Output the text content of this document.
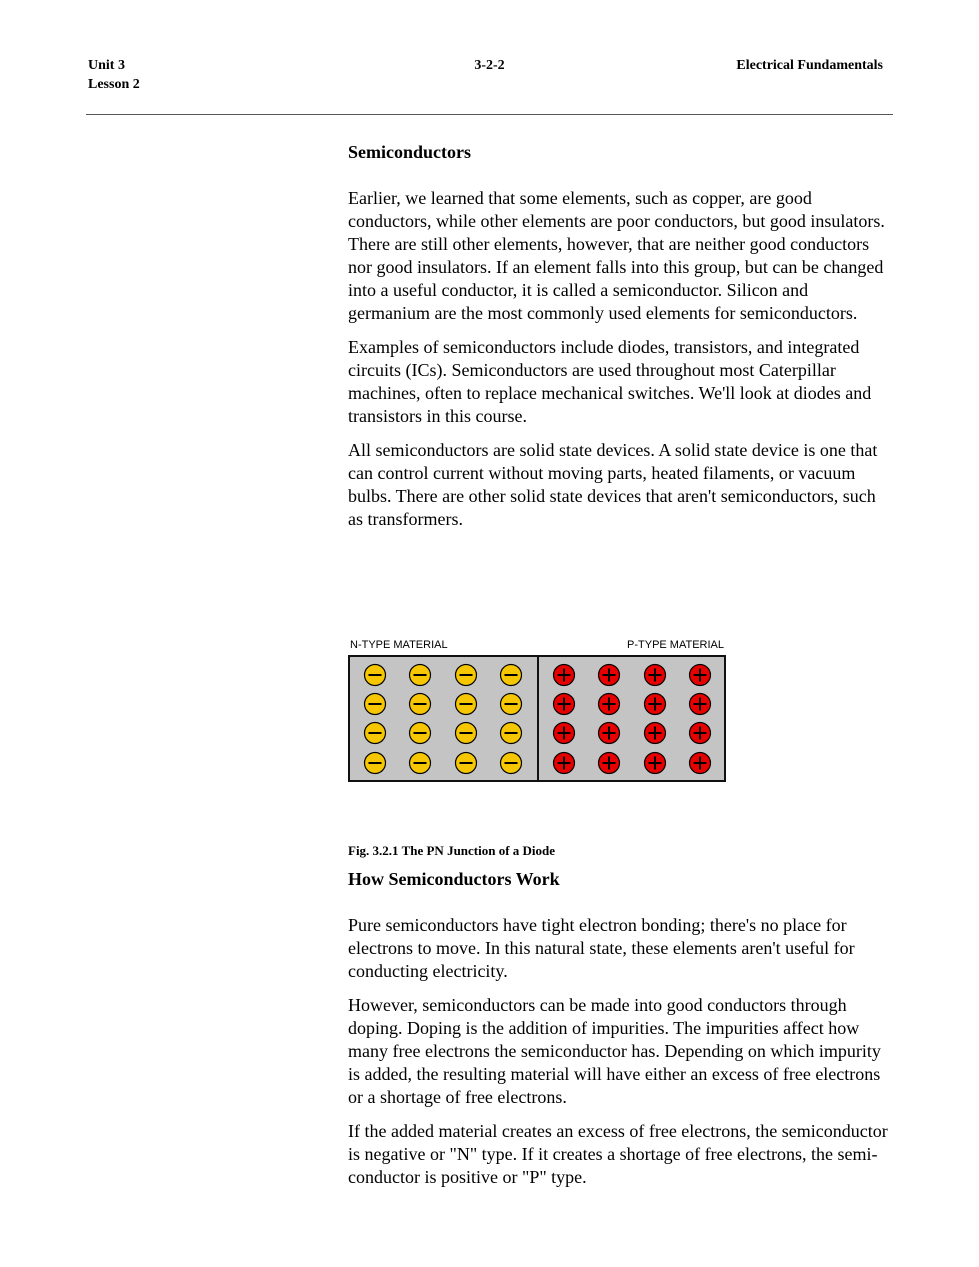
Unit 3
Lesson 2
3-2-2	Electrical Fundamentals
Semiconductors

Earlier, we learned that some elements, such as copper, are good conductors, while other elements are poor conductors, but good insulators. There are still other elements, however, that are neither good conductors nor good insulators. If an element falls into this group, but can be changed into a useful conductor, it is called a semiconductor. Silicon and germanium are the most commonly used elements for semiconductors.

Examples of semiconductors include diodes, transistors, and integrated circuits (ICs). Semiconductors are used throughout most Caterpillar machines, often to replace mechanical switches. We'll look at diodes and transistors in this course.

All semiconductors are solid state devices. A solid state device is one that can control current without moving parts, heated filaments, or vacuum bulbs. There are other solid state devices that aren't semiconductors, such as transformers.

N-TYPE MATERIAL	P-TYPE MATERIAL

Fig. 3.2.1 The PN Junction of a Diode

How Semiconductors Work

Pure semiconductors have tight electron bonding; there's no place for electrons to move. In this natural state, these elements aren't useful for conducting electricity.

However, semiconductors can be made into good conductors through doping. Doping is the addition of impurities. The impurities affect how many free electrons the semiconductor has. Depending on which impurity is added, the resulting material will have either an excess of free electrons or a shortage of free electrons.

If the added material creates an excess of free electrons, the semiconductor is negative or "N" type. If it creates a shortage of free electrons, the semi-conductor is positive or "P" type.
